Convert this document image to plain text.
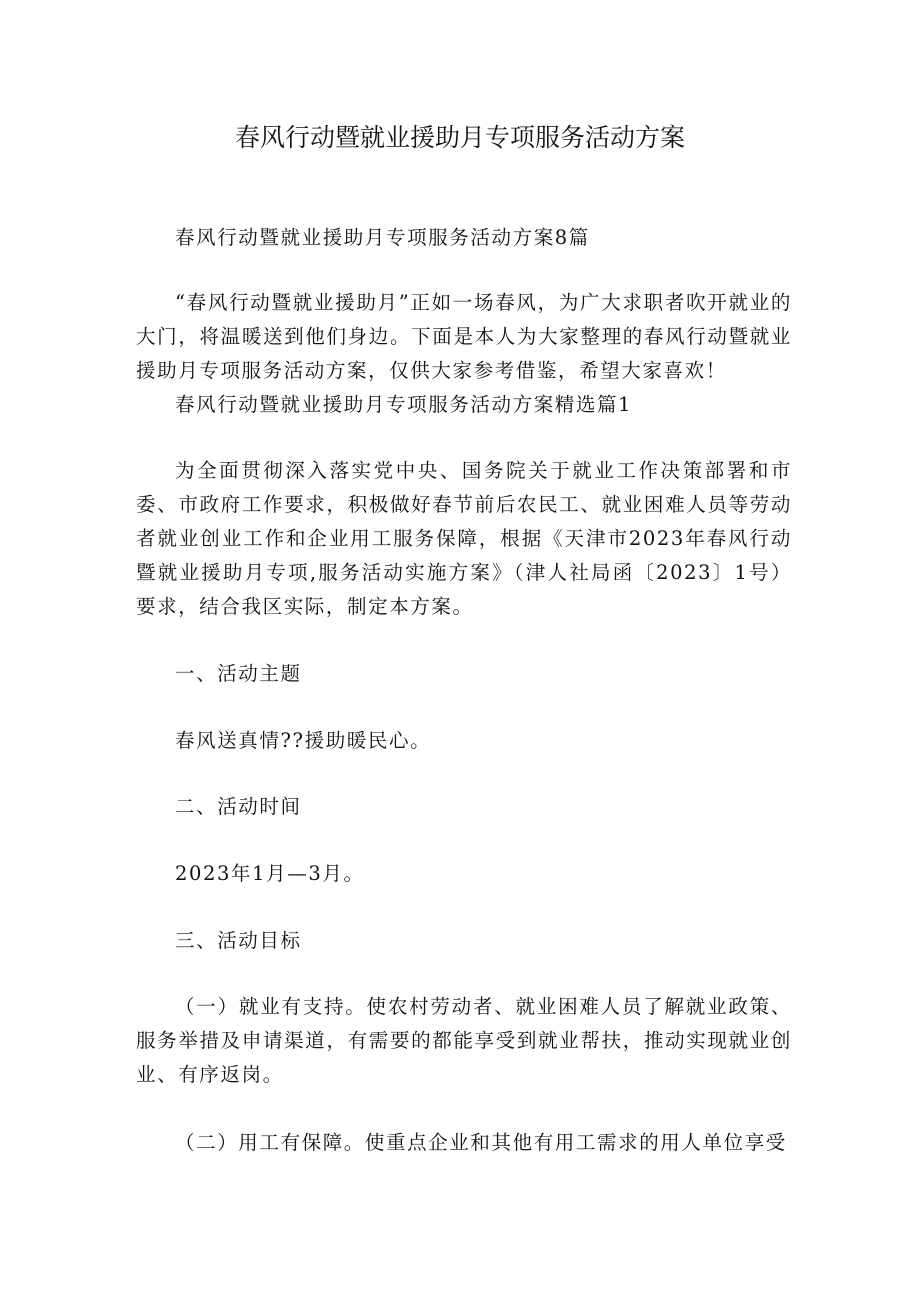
春风行动暨就业援助月专项服务活动方案
春风行动暨就业援助月专项服务活动方案8篇
“春风行动暨就业援助月”正如一场春风，为广大求职者吹开就业的大门，将温暖送到他们身边。下面是本人为大家整理的春风行动暨就业援助月专项服务活动方案，仅供大家参考借鉴，希望大家喜欢！
春风行动暨就业援助月专项服务活动方案精选篇1
为全面贯彻深入落实党中央、国务院关于就业工作决策部署和市委、市政府工作要求，积极做好春节前后农民工、就业困难人员等劳动者就业创业工作和企业用工服务保障，根据《天津市2023年春风行动暨就业援助月专项,服务活动实施方案》（津人社局函〔2023〕1号）要求，结合我区实际，制定本方案。
一、活动主题
春风送真情??援助暖民心。
二、活动时间
2023年1月—3月。
三、活动目标
（一）就业有支持。使农村劳动者、就业困难人员了解就业政策、服务举措及申请渠道，有需要的都能享受到就业帮扶，推动实现就业创业、有序返岗。
（二）用工有保障。使重点企业和其他有用工需求的用人单位享受
